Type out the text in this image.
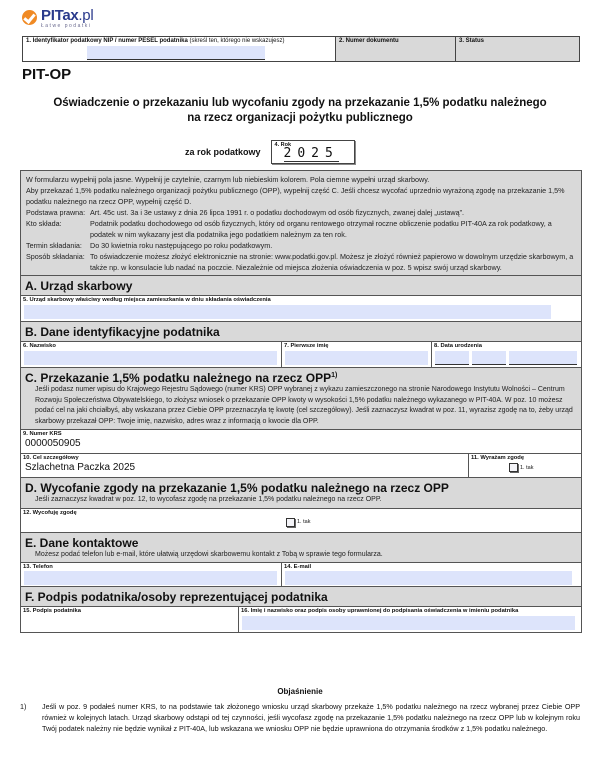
PITax.pl
Łatwe podatki
1. Identyfikator podatkowy NIP / numer PESEL podatnika (skreśl ten, którego nie wskazujesz)	2. Numer dokumentu	3. Status
PIT-OP
Oświadczenie o przekazaniu lub wycofaniu zgody na przekazanie 1,5% podatku należnego
na rzecz organizacji pożytku publicznego
za rok podatkowy
4. Rok
2025

W formularzu wypełnij pola jasne. Wypełnij je czytelnie, czarnym lub niebieskim kolorem. Pola ciemne wypełni urząd skarbowy.

Aby przekazać 1,5% podatku należnego organizacji pożytku publicznego (OPP), wypełnij część C. Jeśli chcesz wycofać uprzednio wyrażoną zgodę na przekazanie 1,5% podatku należnego na rzecz OPP, wypełnij część D.

Podstawa prawna: Art. 45c ust. 3a i 3e ustawy z dnia 26 lipca 1991 r. o podatku dochodowym od osób fizycznych, zwanej dalej „ustawą”.
Kto składa:	Podatnik podatku dochodowego od osób fizycznych, który od organu rentowego otrzymał roczne obliczenie podatku PIT-40A za rok podatkowy, a podatek w nim wykazany jest dla podatnika jego podatkiem należnym za ten rok.
Termin składania:	Do 30 kwietnia roku następującego po roku podatkowym.
Sposób składania: To oświadczenie możesz złożyć elektronicznie na stronie: www.podatki.gov.pl. Możesz je złożyć również papierowo w dowolnym urzędzie skarbowym, a także np. w konsulacie lub nadać na poczcie. Niezależnie od miejsca złożenia oświadczenia w poz. 5 wpisz swój urząd skarbowy.
A. Urząd skarbowy
5. Urząd skarbowy właściwy według miejsca zamieszkania w dniu składania oświadczenia
B. Dane identyfikacyjne podatnika
6. Nazwisko	7. Pierwsze imię	8. Data urodzenia
C. Przekazanie 1,5% podatku należnego na rzecz OPP$^{1)}$
Jeśli podasz numer wpisu do Krajowego Rejestru Sądowego (numer KRS) OPP wybranej z wykazu zamieszczonego na stronie Narodowego Instytutu Wolności – Centrum Rozwoju Społeczeństwa Obywatelskiego, to złożysz wniosek o przekazanie OPP kwoty w wysokości 1,5% podatku należnego wykazanego w PIT-40A. W poz. 10 możesz podać cel na jaki chciałbyś, aby wskazana przez Ciebie OPP przeznaczyła tę kwotę (cel szczegółowy). Jeśli zaznaczysz kwadrat w poz. 11, wyrazisz zgodę na to, żeby urząd skarbowy przekazał OPP: Twoje imię, nazwisko, adres wraz z informacją o kwocie dla OPP.
9. Numer KRS
0000050905
10. Cel szczegółowy
Szlachetna Paczka 2025
11. Wyrażam zgodę
1. tak
D. Wycofanie zgody na przekazanie 1,5% podatku należnego na rzecz OPP
Jeśli zaznaczysz kwadrat w poz. 12, to wycofasz zgodę na przekazanie 1,5% podatku należnego na rzecz OPP.
12. Wycofuję zgodę
1. tak
E. Dane kontaktowe
Możesz podać telefon lub e-mail, które ułatwią urzędowi skarbowemu kontakt z Tobą w sprawie tego formularza.
13. Telefon	14. E-mail
F. Podpis podatnika/osoby reprezentującej podatnika
15. Podpis podatnika	16. Imię i nazwisko oraz podpis osoby uprawnionej do podpisania oświadczenia w imieniu podatnika
Objaśnienie
1)	Jeśli w poz. 9 podałeś numer KRS, to na podstawie tak złożonego wniosku urząd skarbowy przekaże 1,5% podatku należnego na rzecz wybranej przez Ciebie OPP również w kolejnych latach. Urząd skarbowy odstąpi od tej czynności, jeśli wycofasz zgodę na przekazanie 1,5% podatku należnego na rzecz OPP lub w kolejnym roku Twój podatek należny nie będzie wynikał z PIT-40A, lub wskazana we wniosku OPP nie będzie uprawniona do otrzymania środków z 1,5% podatku należnego.
